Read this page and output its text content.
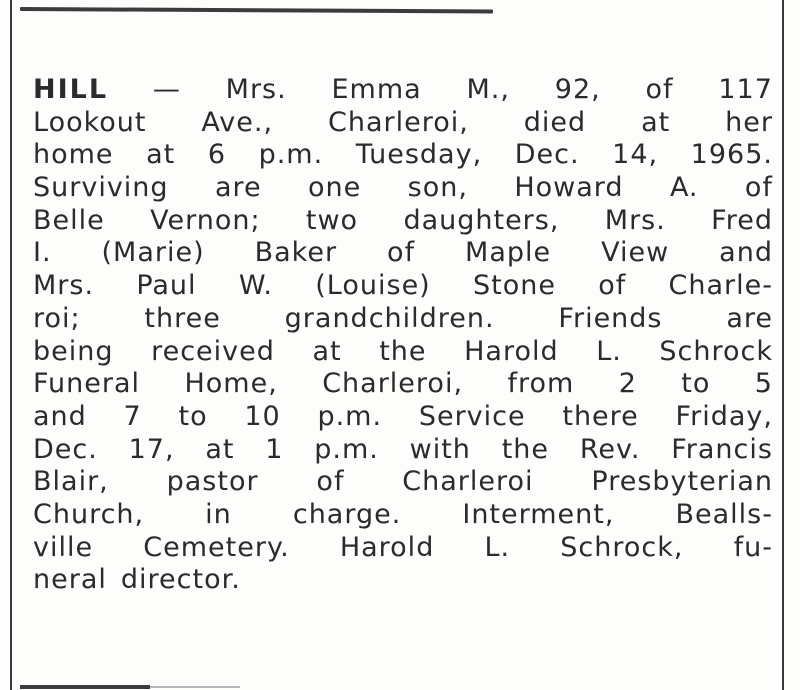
HILL — Mrs. Emma M., 92, of 117
Lookout Ave., Charleroi, died at her
home at 6 p.m. Tuesday, Dec. 14, 1965.
Surviving are one son, Howard A. of
Belle Vernon; two daughters, Mrs. Fred
I. (Marie) Baker of Maple View and
Mrs. Paul W. (Louise) Stone of Charle-
roi; three grandchildren. Friends are
being received at the Harold L. Schrock
Funeral Home, Charleroi, from 2 to 5
and 7 to 10 p.m. Service there Friday,
Dec. 17, at 1 p.m. with the Rev. Francis
Blair, pastor of Charleroi Presbyterian
Church, in charge. Interment, Bealls-
ville Cemetery. Harold L. Schrock, fu-
neral director.
